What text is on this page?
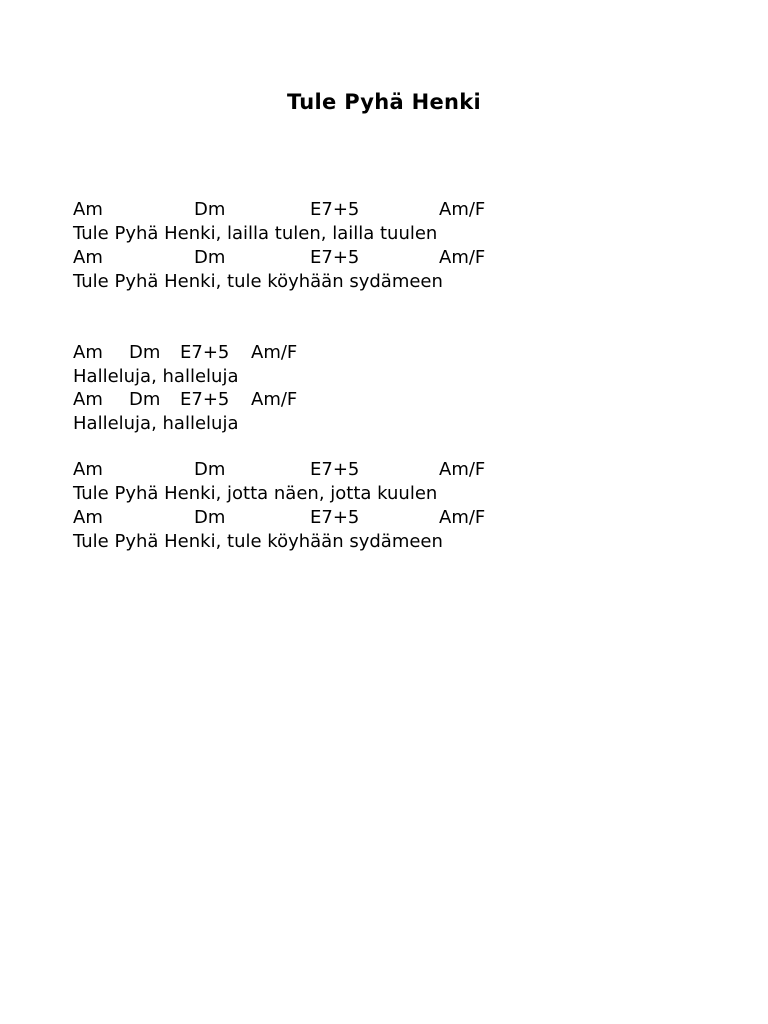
Tule Pyhä Henki
Am	Dm	E7+5	Am/F
Tule Pyhä Henki, lailla tulen, lailla tuulen
Am	Dm	E7+5	Am/F
Tule Pyhä Henki, tule köyhään sydämeen
Am Dm E7+5 Am/F
Halleluja, halleluja
Am Dm E7+5 Am/F
Halleluja, halleluja
Am	Dm	E7+5	Am/F
Tule Pyhä Henki, jotta näen, jotta kuulen
Am	Dm	E7+5	Am/F
Tule Pyhä Henki, tule köyhään sydämeen
